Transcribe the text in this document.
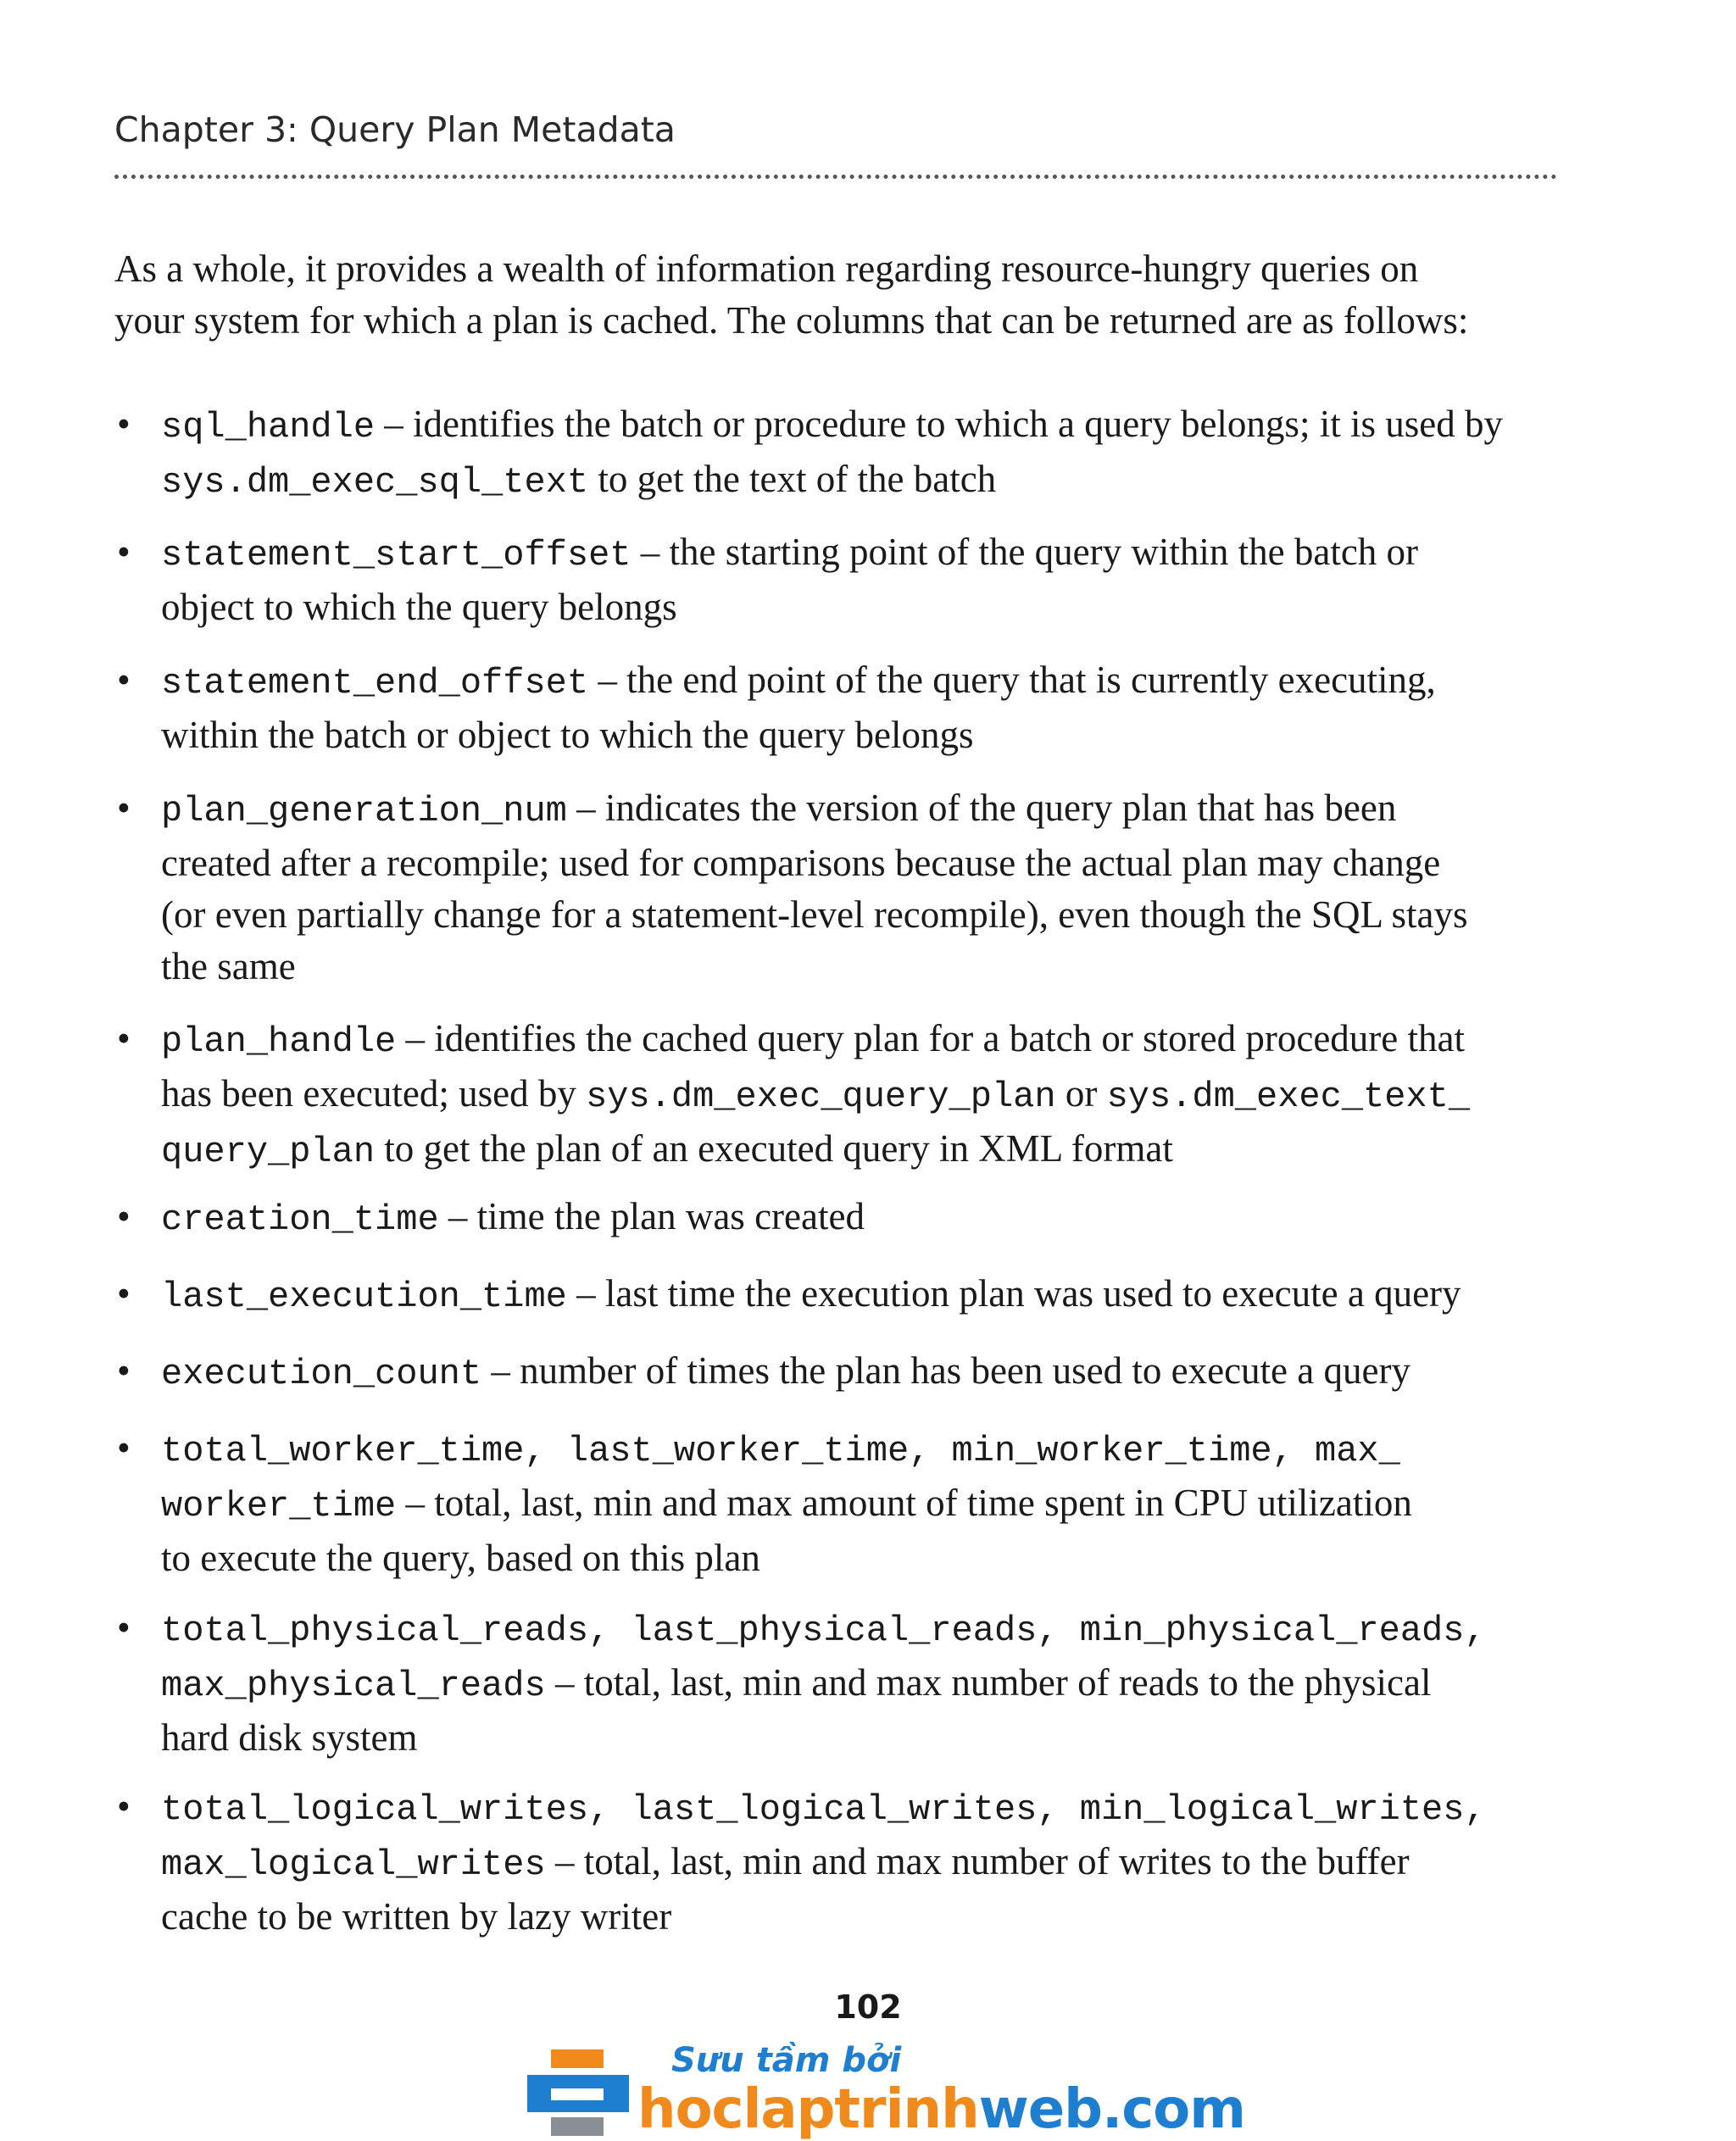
Chapter 3: Query Plan Metadata
As a whole, it provides a wealth of information regarding resource-hungry queries on
your system for which a plan is cached. The columns that can be returned are as follows:
• sql_handle – identifies the batch or procedure to which a query belongs; it is used by
sys.dm_exec_sql_text to get the text of the batch
• statement_start_offset – the starting point of the query within the batch or
object to which the query belongs
• statement_end_offset – the end point of the query that is currently executing,
within the batch or object to which the query belongs
• plan_generation_num – indicates the version of the query plan that has been
created after a recompile; used for comparisons because the actual plan may change
(or even partially change for a statement-level recompile), even though the SQL stays
the same
• plan_handle – identifies the cached query plan for a batch or stored procedure that
has been executed; used by sys.dm_exec_query_plan or sys.dm_exec_text_
query_plan to get the plan of an executed query in XML format
• creation_time – time the plan was created
• last_execution_time – last time the execution plan was used to execute a query
• execution_count – number of times the plan has been used to execute a query
• total_worker_time, last_worker_time, min_worker_time, max_
worker_time – total, last, min and max amount of time spent in CPU utilization
to execute the query, based on this plan
• total_physical_reads, last_physical_reads, min_physical_reads,
max_physical_reads – total, last, min and max number of reads to the physical
hard disk system
• total_logical_writes, last_logical_writes, min_logical_writes,
max_logical_writes – total, last, min and max number of writes to the buffer
cache to be written by lazy writer
102
Sưu tầm bởi
hoclaptrinhweb.com
